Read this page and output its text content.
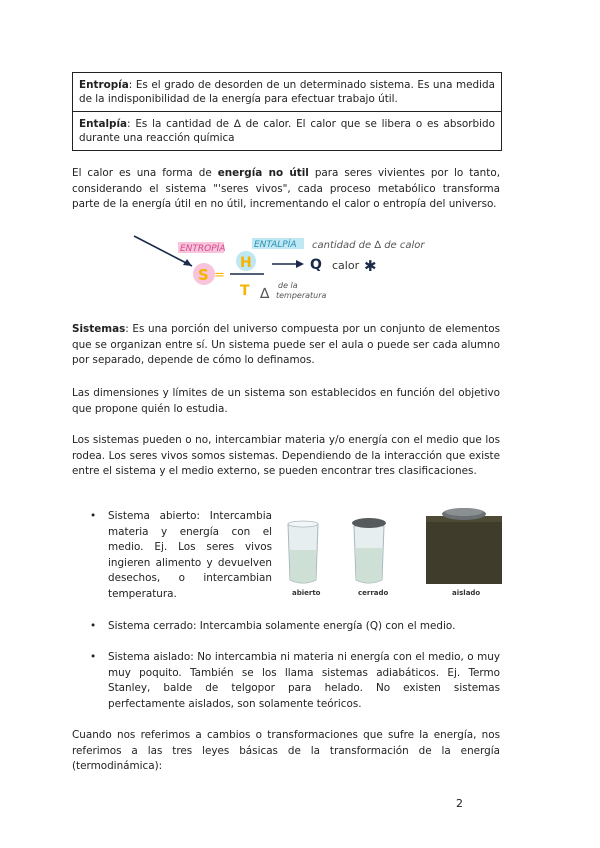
Entropía: Es el grado de desorden de un determinado sistema. Es una medida de la indisponibilidad de la energía para efectuar trabajo útil.
Entalpía: Es la cantidad de ∆ de calor. El calor que se libera o es absorbido durante una reacción química

El calor es una forma de energía no útil para seres vivientes por lo tanto, considerando el sistema "'seres vivos", cada proceso metabólico transforma parte de la energía útil en no útil, incrementando el calor o entropía del universo.

ENTROPÍA	ENTALPÍA cantidad de ∆ de calor
S =
H
T ∆
de la
temperatura
Q calor ✱

Sistemas: Es una porción del universo compuesta por un conjunto de elementos que se organizan entre sí. Un sistema puede ser el aula o puede ser cada alumno por separado, depende de cómo lo definamos.

Las dimensiones y límites de un sistema son establecidos en función del objetivo que propone quién lo estudia.

Los sistemas pueden o no, intercambiar materia y/o energía con el medio que los rodea. Los seres vivos somos sistemas. Dependiendo de la interacción que existe entre el sistema y el medio externo, se pueden encontrar tres clasificaciones.

• Sistema abierto: Intercambia materia y energía con el medio. Ej. Los seres vivos ingieren alimento y devuelven desechos, o intercambian temperatura.	abierto	cerrado	aislado
• Sistema cerrado: Intercambia solamente energía (Q) con el medio.
• Sistema aislado: No intercambia ni materia ni energía con el medio, o muy muy poquito. También se los llama sistemas adiabáticos. Ej. Termo Stanley, balde de telgopor para helado. No existen sistemas perfectamente aislados, son solamente teóricos.

Cuando nos referimos a cambios o transformaciones que sufre la energía, nos referimos a las tres leyes básicas de la transformación de la energía (termodinámica):

2
